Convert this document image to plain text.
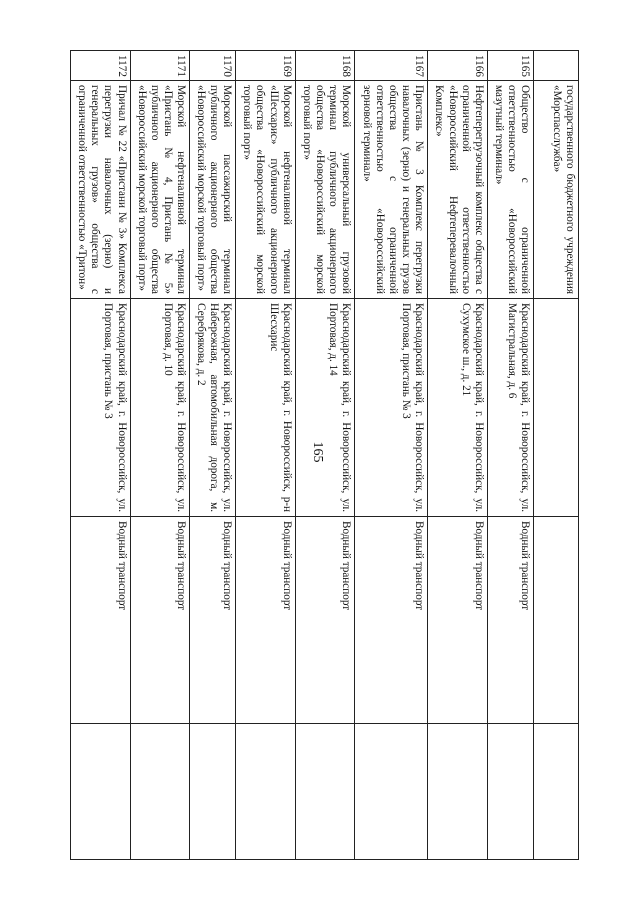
165
	государственного бюджетного учреждения «Морспасслужба»			
1165	Общество с ограниченной ответственностью «Новороссийский мазутный терминал»	Краснодарский край, г. Новороссийск, ул. Магистральная, д. 6	Водный транспорт	
1166	Нефтеперегрузочный комплекс общества с ограниченной ответственностью «Новороссийский Нефтеперевалочный Комплекс»	Краснодарский край, г. Новороссийск, ул. Сухумское ш., д. 21	Водный транспорт	
1167	Пристань № 3 Комплекс перегрузки навалочных (зерно) и генеральных грузов общества с ограниченной ответственностью «Новороссийский зерновой терминал»	Краснодарский край, г. Новороссийск, ул. Портовая, пристань № 3	Водный транспорт	
1168	Морской универсальный грузовой терминал публичного акционерного общества «Новороссийский морской торговый порт»	Краснодарский край, г. Новороссийск, ул. Портовая, д. 14	Водный транспорт	
1169	Морской нефтеналивной терминал «Шесхарис» публичного акционерного общества «Новороссийский морской торговый порт»	Краснодарский край, г. Новороссийск, р-н Шесхарис	Водный транспорт	
1170	Морской пассажирский терминал публичного акционерного общества «Новороссийский морской торговый порт»	Краснодарский край, г. Новороссийск, ул. Набережная, автомобильная дорога, м. Серебрякова, д. 2	Водный транспорт	
1171	Морской нефтеналивной терминал «Пристань № 4, Пристань № 5» публичного акционерного общества «Новороссийский морской торговый порт»	Краснодарский край, г. Новороссийск, ул. Портовая, д. 10	Водный транспорт	
1172	Причал № 22 «Пристани № 3» Комплекса перегрузки навалочных (зерно) и генеральных грузов» общества с ограниченной ответственностью «Тритон»	Краснодарский край, г. Новороссийск, ул. Портовая, пристань № 3	Водный транспорт	
